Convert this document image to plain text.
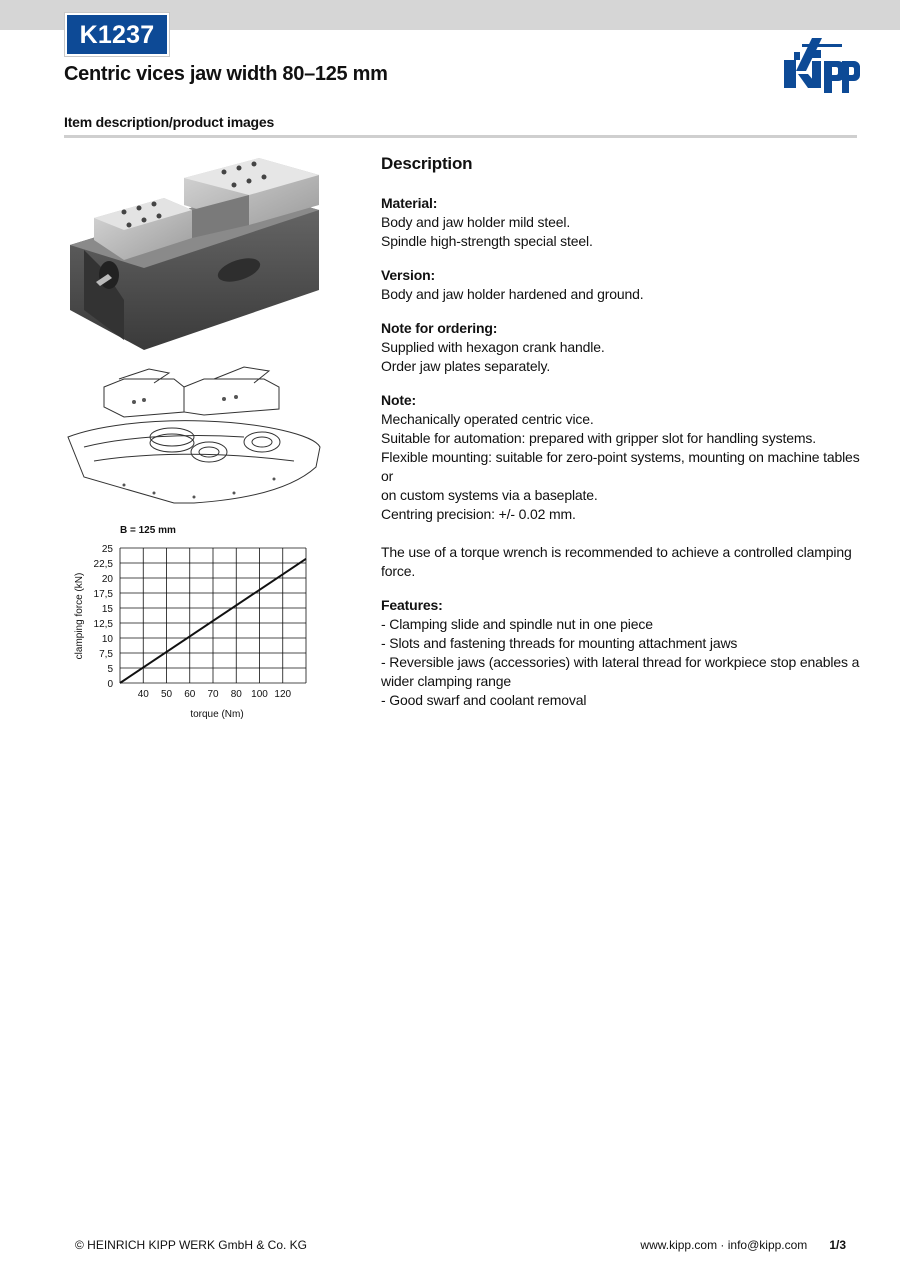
K1237
Centric vices jaw width 80–125 mm
Item description/product images
B = 125 mm
0
5
7,5
10
12,5
15
17,5
20
22,5
25
40 50 60 70 80 100 120
torque (Nm)
clamping force (kN)
Description
Material:
Body and jaw holder mild steel.
Spindle high-strength special steel.
Version:
Body and jaw holder hardened and ground.
Note for ordering:
Supplied with hexagon crank handle.
Order jaw plates separately.
Note:
Mechanically operated centric vice.
Suitable for automation: prepared with gripper slot for handling systems.
Flexible mounting: suitable for zero-point systems, mounting on machine tables or
on custom systems via a baseplate.
Centring precision: +/- 0.02 mm.
The use of a torque wrench is recommended to achieve a controlled clamping force.
Features:
- Clamping slide and spindle nut in one piece
- Slots and fastening threads for mounting attachment jaws
- Reversible jaws (accessories) with lateral thread for workpiece stop enables a
wider clamping range
- Good swarf and coolant removal
© HEINRICH KIPP WERK GmbH & Co. KG	www.kipp.com · info@kipp.com 1/3
